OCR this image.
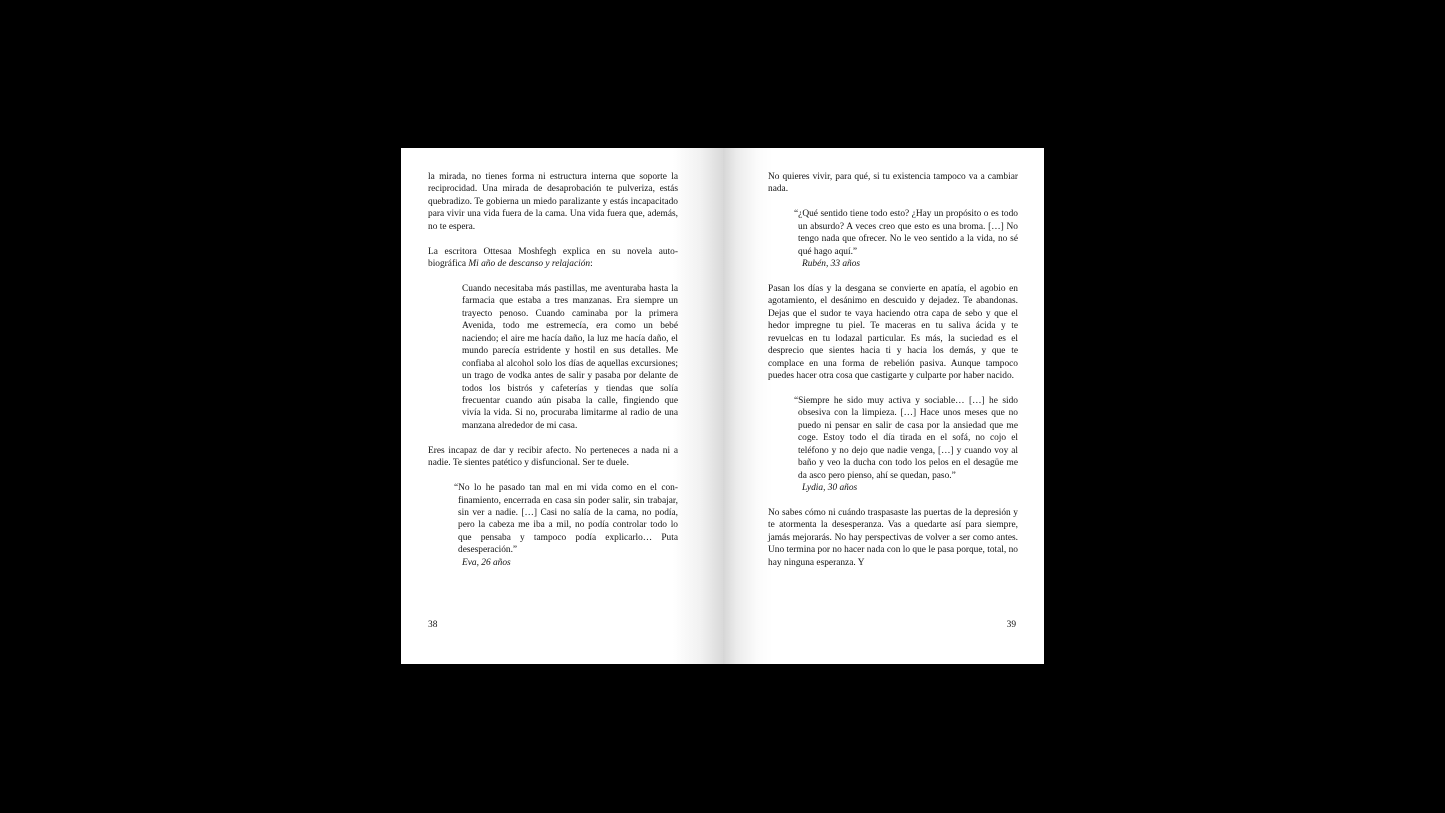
la mirada, no tienes forma ni estructura interna que soporte la reciprocidad. Una mirada de desaprobación te pulveriza, estás quebradizo. Te gobierna un miedo paralizante y estás incapacitado para vivir una vida fuera de la cama. Una vida fuera que, además, no te espera.

La escritora Ottesaa Moshfegh explica en su novela autobiográfica Mi año de descanso y relajación:

Cuando necesitaba más pastillas, me aventuraba hasta la farmacia que estaba a tres manzanas. Era siempre un trayecto penoso. Cuando caminaba por la primera Avenida, todo me estremecía, era como un bebé naciendo; el aire me hacía daño, la luz me hacía daño, el mundo parecía estridente y hostil en sus detalles. Me confiaba al alcohol solo los días de aquellas excursiones; un trago de vodka antes de salir y pasaba por delante de todos los bistrós y cafeterías y tiendas que solía frecuentar cuando aún pisaba la calle, fingiendo que vivía la vida. Si no, procuraba limitarme al radio de una manzana alrededor de mi casa.

Eres incapaz de dar y recibir afecto. No perteneces a nada ni a nadie. Te sientes patético y disfuncional. Ser te duele.

“No lo he pasado tan mal en mi vida como en el confinamiento, encerrada en casa sin poder salir, sin trabajar, sin ver a nadie. […] Casi no salía de la cama, no podía, pero la cabeza me iba a mil, no podía controlar todo lo que pensaba y tampoco podía explicarlo… Puta desesperación.”
Eva, 26 años
38

No quieres vivir, para qué, si tu existencia tampoco va a cambiar nada.

“¿Qué sentido tiene todo esto? ¿Hay un propósito o es todo un absurdo? A veces creo que esto es una broma. […] No tengo nada que ofrecer. No le veo sentido a la vida, no sé qué hago aquí.”
Rubén, 33 años

Pasan los días y la desgana se convierte en apatía, el agobio en agotamiento, el desánimo en descuido y dejadez. Te abandonas. Dejas que el sudor te vaya haciendo otra capa de sebo y que el hedor impregne tu piel. Te maceras en tu saliva ácida y te revuelcas en tu lodazal particular. Es más, la suciedad es el desprecio que sientes hacia ti y hacia los demás, y que te complace en una forma de rebelión pasiva. Aunque tampoco puedes hacer otra cosa que castigarte y culparte por haber nacido.

“Siempre he sido muy activa y sociable… […] he sido obsesiva con la limpieza. […] Hace unos meses que no puedo ni pensar en salir de casa por la ansiedad que me coge. Estoy todo el día tirada en el sofá, no cojo el teléfono y no dejo que nadie venga, […] y cuando voy al baño y veo la ducha con todo los pelos en el desagüe me da asco pero pienso, ahí se quedan, paso.”
Lydia, 30 años

No sabes cómo ni cuándo traspasaste las puertas de la depresión y te atormenta la desesperanza. Vas a quedarte así para siempre, jamás mejorarás. No hay perspectivas de volver a ser como antes. Uno termina por no hacer nada con lo que le pasa porque, total, no hay ninguna esperanza. Y

39
